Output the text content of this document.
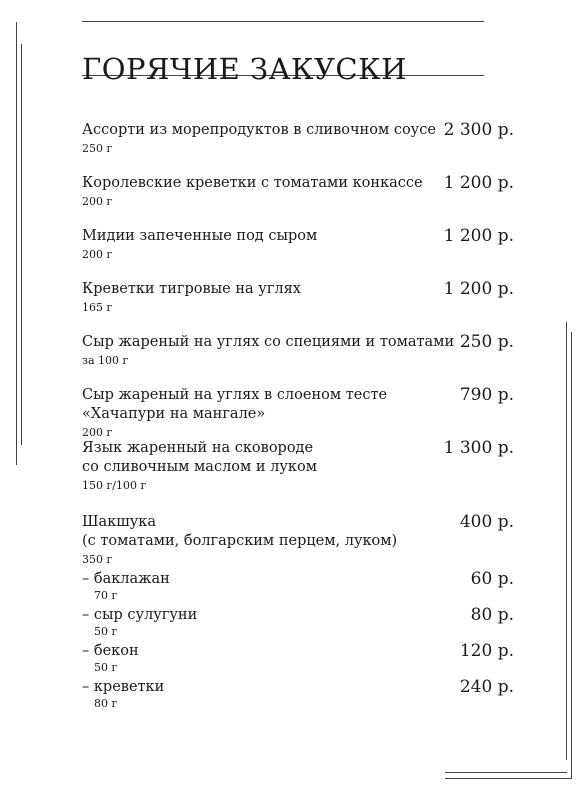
ГОРЯЧИЕ ЗАКУСКИ
Ассорти из морепродуктов в сливочном соусе
250 г
2 300 р.
Королевские креветки с томатами конкассе
200 г
1 200 р.
Мидии запеченные под сыром
200 г
1 200 р.
Креветки тигровые на углях
165 г
1 200 р.
Сыр жареный на углях со специями и томатами
за 100 г
250 р.
Сыр жареный на углях в слоеном тесте
«Хачапури на мангале»
200 г
790 р.
Язык жаренный на сковороде
со сливочным маслом и луком
150 г/100 г
1 300 р.
Шакшука
(с томатами, болгарским перцем, луком)
350 г
400 р.
– баклажан
70 г
60 р.
– сыр сулугуни
50 г
80 р.
– бекон
50 г
120 р.
– креветки
80 г
240 р.
